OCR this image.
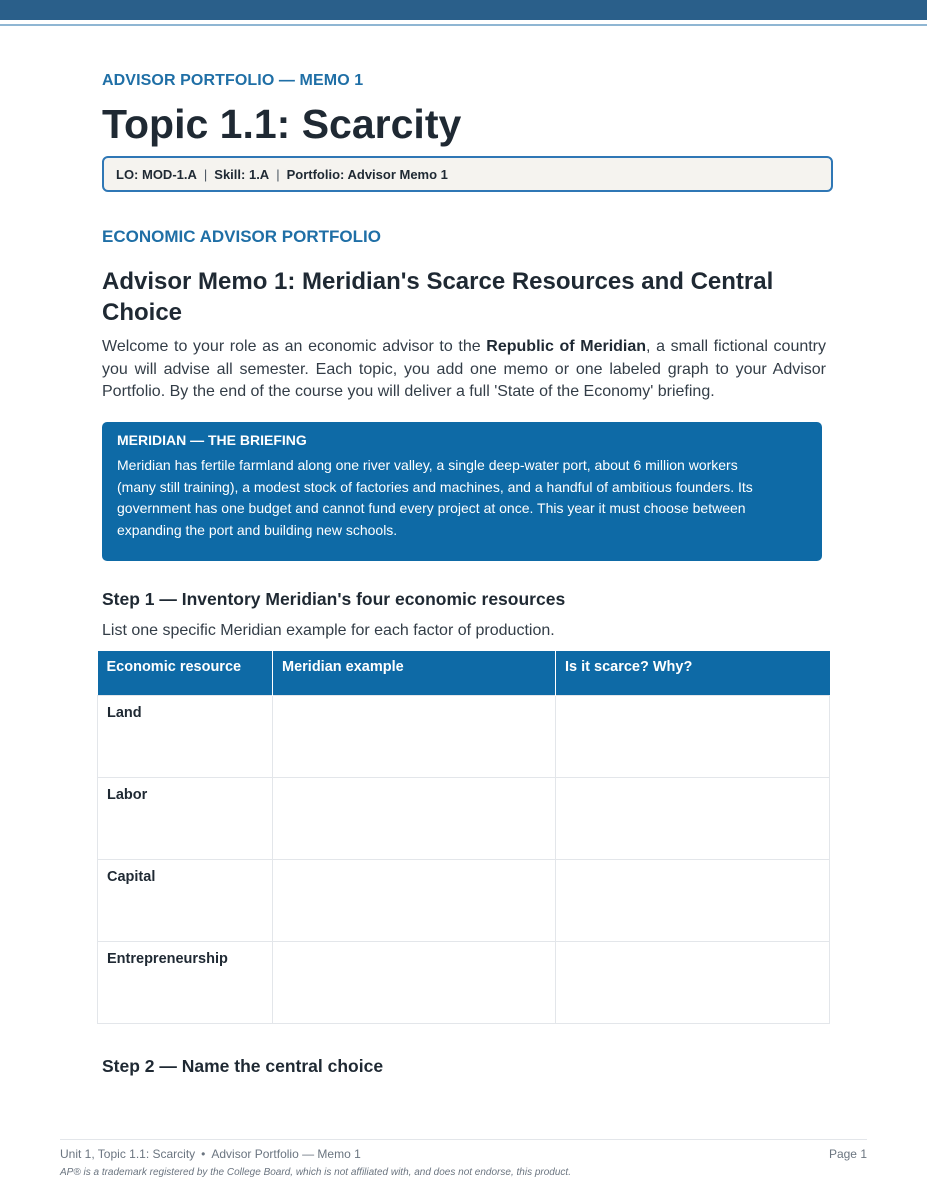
ADVISOR PORTFOLIO — MEMO 1
Topic 1.1: Scarcity
LO: MOD-1.A | Skill: 1.A | Portfolio: Advisor Memo 1
ECONOMIC ADVISOR PORTFOLIO
Advisor Memo 1: Meridian's Scarce Resources and Central Choice

Welcome to your role as an economic advisor to the Republic of Meridian, a small fictional country you will advise all semester. Each topic, you add one memo or one labeled graph to your Advisor Portfolio. By the end of the course you will deliver a full 'State of the Economy' briefing.

MERIDIAN — THE BRIEFING
Meridian has fertile farmland along one river valley, a single deep-water port, about 6 million workers (many still training), a modest stock of factories and machines, and a handful of ambitious founders. Its government has one budget and cannot fund every project at once. This year it must choose between expanding the port and building new schools.
Step 1 — Inventory Meridian's four economic resources

List one specific Meridian example for each factor of production.

Economic resource	Meridian example	Is it scarce? Why?
Land		
Labor		
Capital		
Entrepreneurship		
Step 2 — Name the central choice
Unit 1, Topic 1.1: Scarcity • Advisor Portfolio — Memo 1	Page 1
AP® is a trademark registered by the College Board, which is not affiliated with, and does not endorse, this product.
